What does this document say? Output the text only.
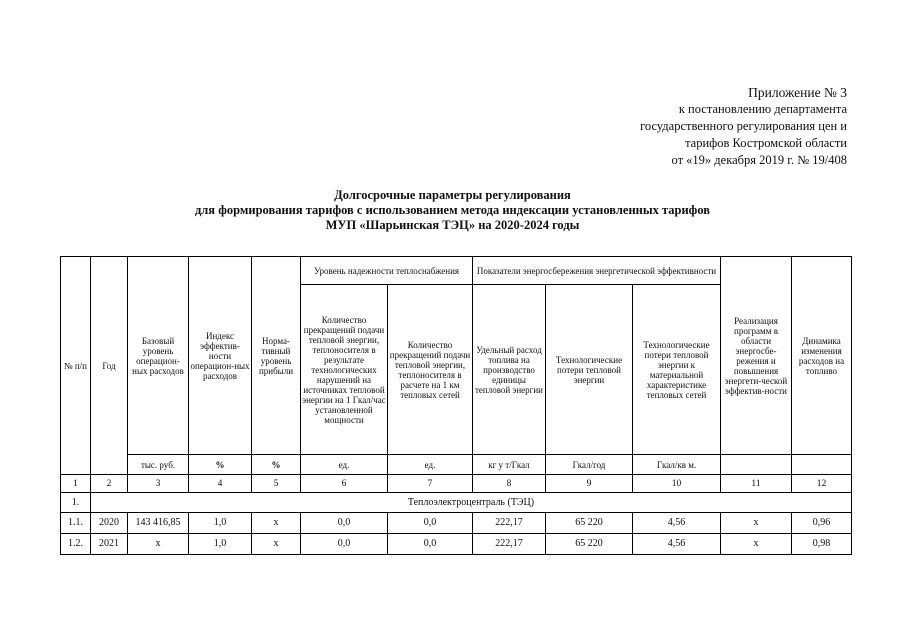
Приложение № 3
к постановлению департамента
государственного регулирования цен и
тарифов Костромской области
от «19» декабря 2019 г. № 19/408
Долгосрочные параметры регулирования
для формирования тарифов с использованием метода индексации установленных тарифов
МУП «Шарьинская ТЭЦ» на 2020-2024 годы
№ п/п	Год	Базовый уровень операцион-ных расходов	Индекс эффектив-ности операцион-ных расходов	Норма-тивный уровень прибыли	Уровень надежности теплоснабжения		Показатели энергосбережения энергетической эффективности			Реализация программ в области энергосбе-режения и повышения энергети-ческой эффектив-ности	Динамика изменения расходов на топливо
					Количество прекращений подачи тепловой энергии, теплоносителя в результате технологических нарушений на источниках тепловой энергии на 1 Гкал/час установленной мощности	Количество прекращений подачи тепловой энергии, теплоносителя в расчете на 1 км тепловых сетей	Удельный расход топлива на производство единицы тепловой энергии	Технологические потери тепловой энергии	Технологические потери тепловой энергии к материальной характеристике тепловых сетей		
		тыс. руб.	%	%	ед.	ед.	кг у т/Гкал	Гкал/год	Гкал/кв м.		
1	2	3	4	5	6	7	8	9	10	11	12
1.	Теплоэлектроцентраль (ТЭЦ)										
1.1.	2020	143 416,85	1,0	x	0,0	0,0	222,17	65 220	4,56	x	0,96
1.2.	2021	x	1,0	x	0,0	0,0	222,17	65 220	4,56	x	0,98
